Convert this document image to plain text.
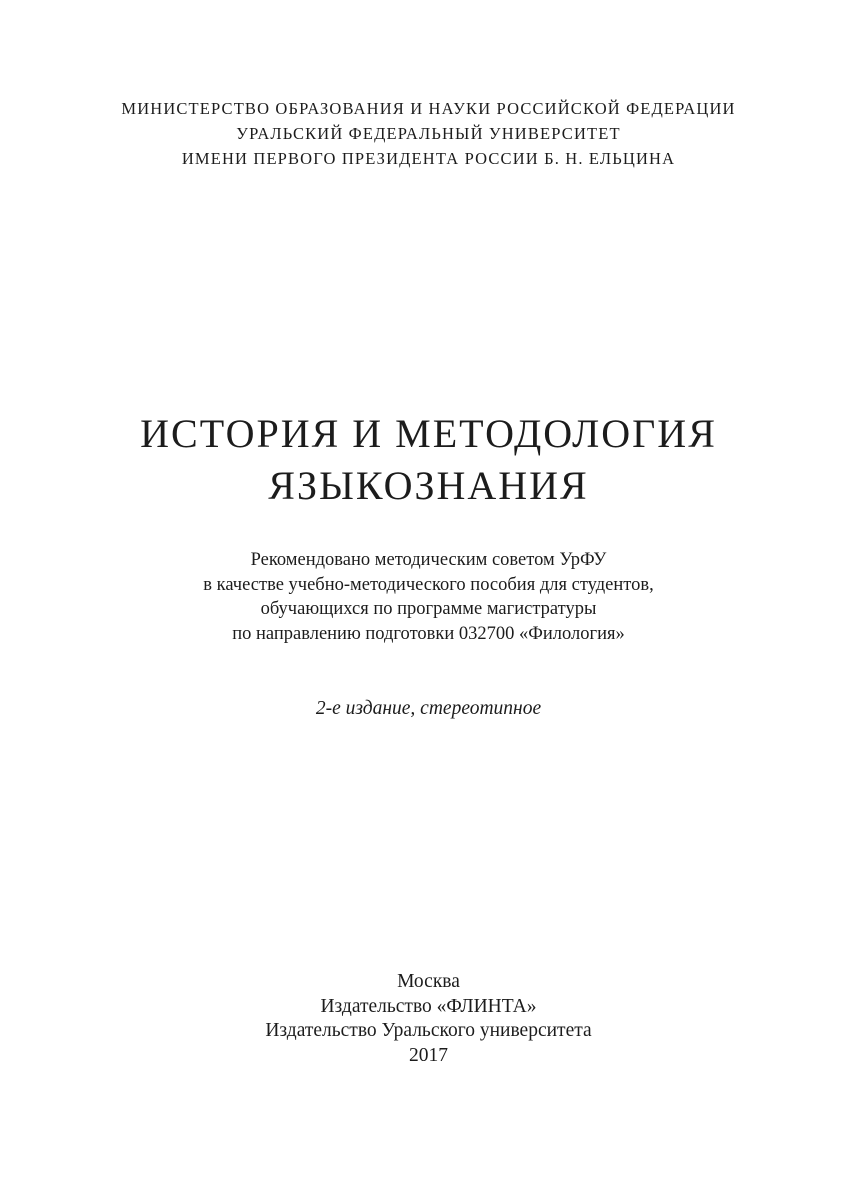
МИНИСТЕРСТВО ОБРАЗОВАНИЯ И НАУКИ РОССИЙСКОЙ ФЕДЕРАЦИИ
УРАЛЬСКИЙ ФЕДЕРАЛЬНЫЙ УНИВЕРСИТЕТ
ИМЕНИ ПЕРВОГО ПРЕЗИДЕНТА РОССИИ Б. Н. ЕЛЬЦИНА
ИСТОРИЯ И МЕТОДОЛОГИЯ
ЯЗЫКОЗНАНИЯ
Рекомендовано методическим советом УрФУ
в качестве учебно-методического пособия для студентов,
обучающихся по программе магистратуры
по направлению подготовки 032700 «Филология»
2-е издание, стереотипное
Москва
Издательство «ФЛИНТА»
Издательство Уральского университета
2017
